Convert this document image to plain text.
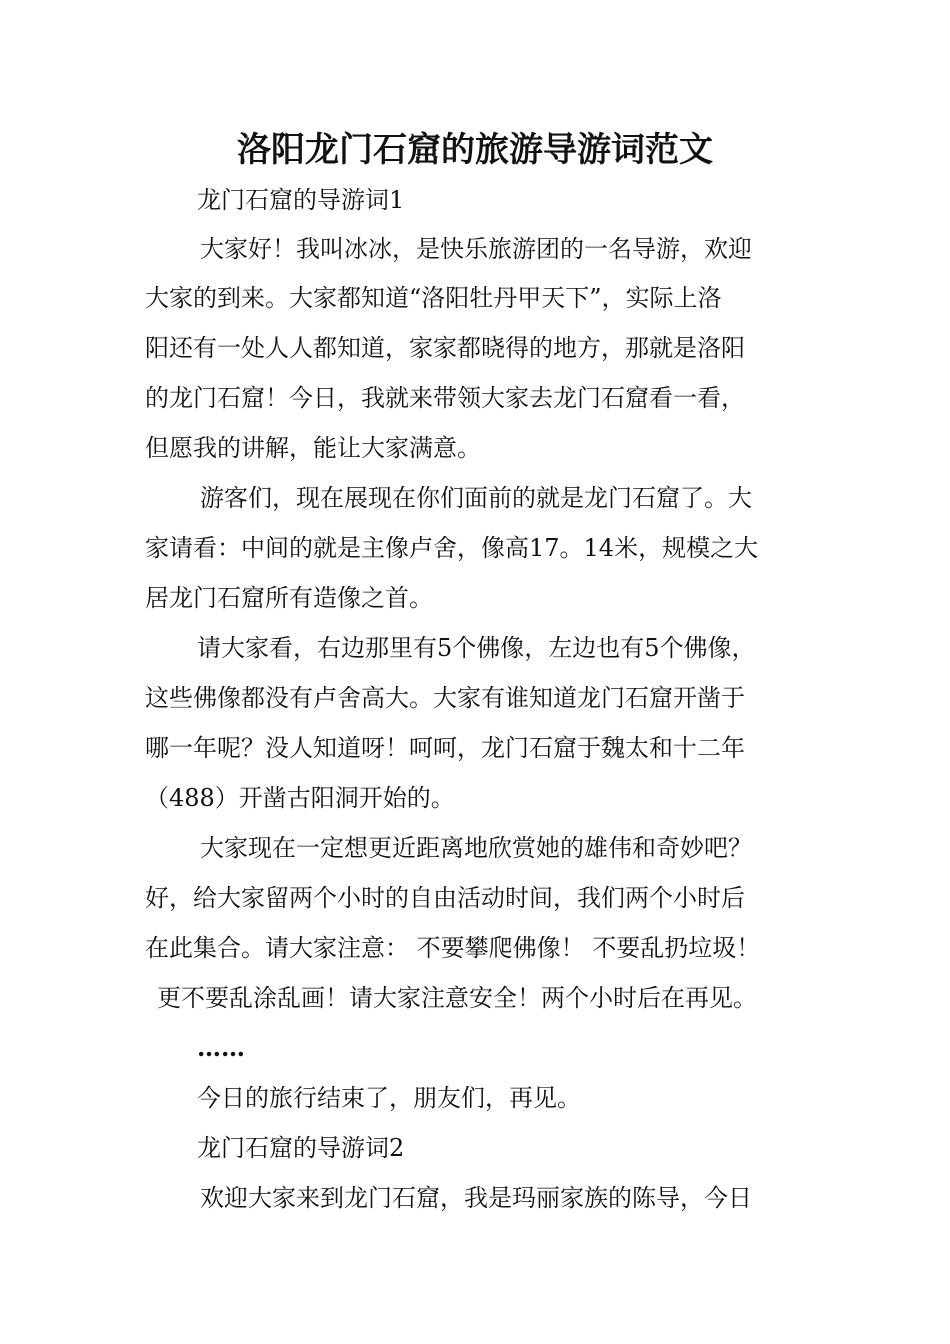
洛阳龙门石窟的旅游导游词范文

龙门石窟的导游词1

大家好！我叫冰冰，是快乐旅游团的一名导游，欢迎

大家的到来。大家都知道“洛阳牡丹甲天下”，实际上洛

阳还有一处人人都知道，家家都晓得的地方，那就是洛阳

的龙门石窟！今日，我就来带领大家去龙门石窟看一看，

但愿我的讲解，能让大家满意。

游客们，现在展现在你们面前的就是龙门石窟了。大

家请看：中间的就是主像卢舍，像高17。14米，规模之大

居龙门石窟所有造像之首。

请大家看，右边那里有5个佛像，左边也有5个佛像，

这些佛像都没有卢舍高大。大家有谁知道龙门石窟开凿于

哪一年呢？没人知道呀！呵呵，龙门石窟于魏太和十二年

（488）开凿古阳洞开始的。

大家现在一定想更近距离地欣赏她的雄伟和奇妙吧？

好，给大家留两个小时的自由活动时间，我们两个小时后

在此集合。请大家注意： 不要攀爬佛像！ 不要乱扔垃圾！

更不要乱涂乱画！请大家注意安全！两个小时后在再见。

……

今日的旅行结束了，朋友们，再见。

龙门石窟的导游词2

欢迎大家来到龙门石窟，我是玛丽家族的陈导，今日
